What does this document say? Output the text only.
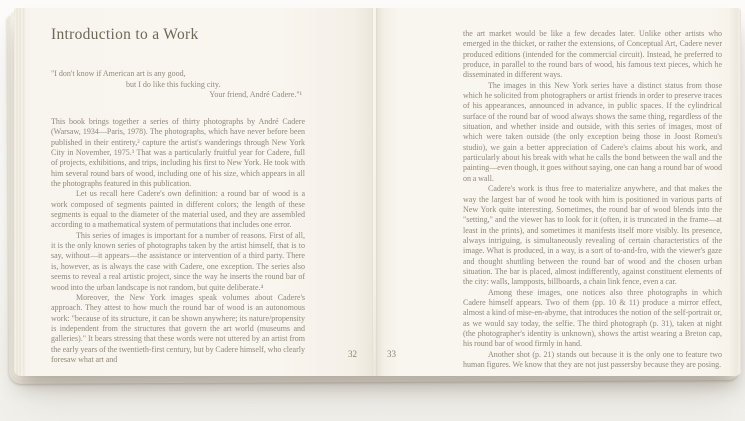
Introduction to a Work
"I don't know if American art is any good,
but I do like this fucking city.
Your friend, André Cadere."¹

This book brings together a series of thirty photographs by André Cadere (Warsaw, 1934—Paris, 1978). The photographs, which have never before been published in their entirety,² capture the artist's wanderings through New York City in November, 1975.³ That was a particularly fruitful year for Cadere, full of projects, exhibitions, and trips, including his first to New York. He took with him several round bars of wood, including one of his size, which appears in all the photographs featured in this publication.

Let us recall here Cadere's own definition: a round bar of wood is a work composed of segments painted in different colors; the length of these segments is equal to the diameter of the material used, and they are assembled according to a mathematical system of permutations that includes one error.

This series of images is important for a number of reasons. First of all, it is the only known series of photographs taken by the artist himself, that is to say, without—it appears—the assistance or intervention of a third party. There is, however, as is always the case with Cadere, one exception. The series also seems to reveal a real artistic project, since the way he inserts the round bar of wood into the urban landscape is not random, but quite deliberate.⁴

Moreover, the New York images speak volumes about Cadere's approach. They attest to how much the round bar of wood is an autonomous work: "because of its structure, it can be shown anywhere; its nature/propensity is independent from the structures that govern the art world (museums and galleries)." It bears stressing that these words were not uttered by an artist from the early years of the twentieth-first century, but by Cadere himself, who clearly foresaw what art and

32

the art market would be like a few decades later. Unlike other artists who emerged in the thicket, or rather the extensions, of Conceptual Art, Cadere never produced editions (intended for the commercial circuit). Instead, he preferred to produce, in parallel to the round bars of wood, his famous text pieces, which he disseminated in different ways.

The images in this New York series have a distinct status from those which he solicited from photographers or artist friends in order to preserve traces of his appearances, announced in advance, in public spaces. If the cylindrical surface of the round bar of wood always shows the same thing, regardless of the situation, and whether inside and outside, with this series of images, most of which were taken outside (the only exception being those in Joost Romeu's studio), we gain a better appreciation of Cadere's claims about his work, and particularly about his break with what he calls the bond between the wall and the painting—even though, it goes without saying, one can hang a round bar of wood on a wall.

Cadere's work is thus free to materialize anywhere, and that makes the way the largest bar of wood he took with him is positioned in various parts of New York quite interesting. Sometimes, the round bar of wood blends into the "setting," and the viewer has to look for it (often, it is truncated in the frame—at least in the prints), and sometimes it manifests itself more visibly. Its presence, always intriguing, is simultaneously revealing of certain characteristics of the image. What is produced, in a way, is a sort of to-and-fro, with the viewer's gaze and thought shuttling between the round bar of wood and the chosen urban situation. The bar is placed, almost indifferently, against constituent elements of the city: walls, lampposts, billboards, a chain link fence, even a car.

Among these images, one notices also three photographs in which Cadere himself appears. Two of them (pp. 10 & 11) produce a mirror effect, almost a kind of mise-en-abyme, that introduces the notion of the self-portrait or, as we would say today, the selfie. The third photograph (p. 31), taken at night (the photographer's identity is unknown), shows the artist wearing a Breton cap, his round bar of wood firmly in hand.

Another shot (p. 21) stands out because it is the only one to feature two human figures. We know that they are not just passersby because they are posing.

33
